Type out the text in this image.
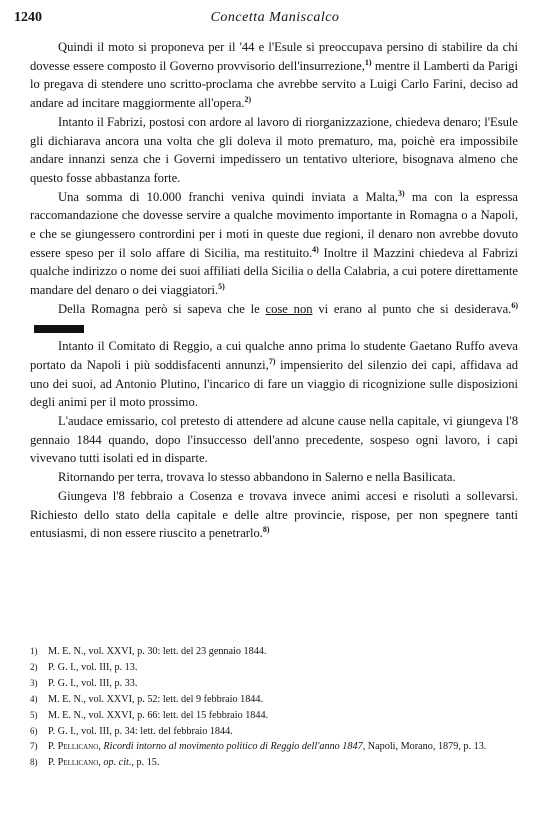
1240	Concetta Maniscalco

Quindi il moto si proponeva per il '44 e l'Esule si preoccupava persino di stabilire da chi dovesse essere composto il Governo provvisorio dell'insurrezione,$^{1)}$ mentre il Lamberti da Parigi lo pregava di stendere uno scritto-proclama che avrebbe servito a Luigi Carlo Farini, deciso ad andare ad incitare maggiormente all'opera.$^{2)}$

Intanto il Fabrizi, postosi con ardore al lavoro di riorganizzazione, chiedeva denaro; l'Esule gli dichiarava ancora una volta che gli doleva il moto prematuro, ma, poichè era impossibile andare innanzi senza che i Governi impedissero un tentativo ulteriore, bisognava almeno che questo fosse abbastanza forte.

Una somma di 10.000 franchi veniva quindi inviata a Malta,$^{3)}$ ma con la espressa raccomandazione che dovesse servire a qualche movimento importante in Romagna o a Napoli, e che se giungessero contrordini per i moti in queste due regioni, il denaro non avrebbe dovuto essere speso per il solo affare di Sicilia, ma restituito.$^{4)}$ Inoltre il Mazzini chiedeva al Fabrizi qualche indirizzo o nome dei suoi affiliati della Sicilia o della Calabria, a cui potere direttamente mandare del denaro o dei viaggiatori.$^{5)}$

Della Romagna però si sapeva che le cose non vi erano al punto che si desiderava.$^{6)}$

Intanto il Comitato di Reggio, a cui qualche anno prima lo studente Gaetano Ruffo aveva portato da Napoli i più soddisfacenti annunzi,$^{7)}$ impensierito del silenzio dei capi, affidava ad uno dei suoi, ad Antonio Plutino, l'incarico di fare un viaggio di ricognizione sulle disposizioni degli animi per il moto prossimo.

L'audace emissario, col pretesto di attendere ad alcune cause nella capitale, vi giungeva l'8 gennaio 1844 quando, dopo l'insuccesso dell'anno precedente, sospeso ogni lavoro, i capi vivevano tutti isolati ed in disparte.

Ritornando per terra, trovava lo stesso abbandono in Salerno e nella Basilicata.

Giungeva l'8 febbraio a Cosenza e trovava invece animi accesi e risoluti a sollevarsi. Richiesto dello stato della capitale e delle altre provincie, rispose, per non spegnere tanti entusiasmi, di non essere riuscito a penetrarlo.$^{8)}$

1) M. E. N., vol. XXVI, p. 30: lett. del 23 gennaio 1844.

2) P. G. I., vol. III, p. 13.

3) P. G. I., vol. III, p. 33.

4) M. E. N., vol. XXVI, p. 52: lett. del 9 febbraio 1844.

5) M. E. N., vol. XXVI, p. 66: lett. del 15 febbraio 1844.

6) P. G. I., vol. III, p. 34: lett. del febbraio 1844.

7) P. Pellicano, Ricordi intorno al movimento politico di Reggio dell'anno 1847, Napoli, Morano, 1879, p. 13.

8) P. Pellicano, op. cit., p. 15.
